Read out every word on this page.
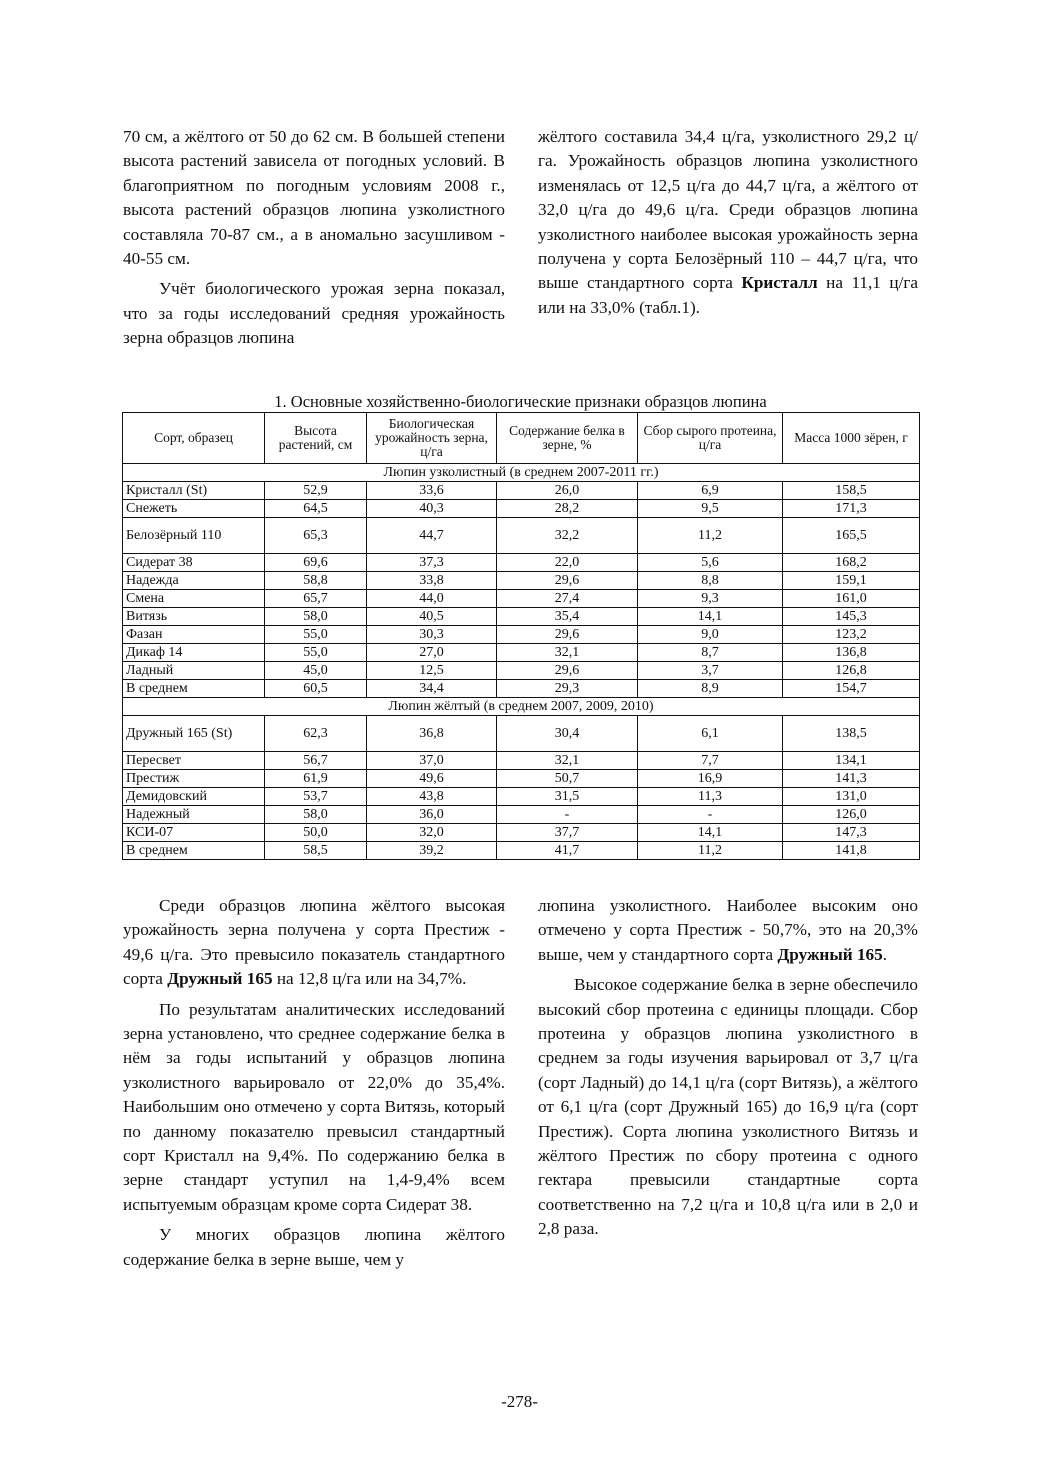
70 см, а жёлтого от 50 до 62 см. В большей степени высота растений зависела от погодных условий. В благоприятном по погодным условиям 2008 г., высота растений образцов люпина узколистного составляла 70-87 см., а в аномально засушливом - 40-55 см.

Учёт биологического урожая зерна показал, что за годы исследований средняя урожайность зерна образцов люпина

жёлтого составила 34,4 ц/га, узколистного 29,2 ц/га. Урожайность образцов люпина узколистного изменялась от 12,5 ц/га до 44,7 ц/га, а жёлтого от 32,0 ц/га до 49,6 ц/га. Среди образцов люпина узколистного наиболее высокая урожайность зерна получена у сорта Белозёрный 110 – 44,7 ц/га, что выше стандартного сорта Кристалл на 11,1 ц/га или на 33,0% (табл.1).

1. Основные хозяйственно-биологические признаки образцов люпина
Сорт, образец	Высота растений, см	Биологическая урожайность зерна, ц/га	Содержание белка в зерне, %	Сбор сырого протеина, ц/га	Масса 1000 зёрен, г
Люпин узколистный (в среднем 2007-2011 гг.)					
Кристалл (St)	52,9	33,6	26,0	6,9	158,5
Снежеть	64,5	40,3	28,2	9,5	171,3
Белозёрный 110	65,3	44,7	32,2	11,2	165,5
Сидерат 38	69,6	37,3	22,0	5,6	168,2
Надежда	58,8	33,8	29,6	8,8	159,1
Смена	65,7	44,0	27,4	9,3	161,0
Витязь	58,0	40,5	35,4	14,1	145,3
Фазан	55,0	30,3	29,6	9,0	123,2
Дикаф 14	55,0	27,0	32,1	8,7	136,8
Ладный	45,0	12,5	29,6	3,7	126,8
В среднем	60,5	34,4	29,3	8,9	154,7
Люпин жёлтый (в среднем 2007, 2009, 2010)					
Дружный 165 (St)	62,3	36,8	30,4	6,1	138,5
Пересвет	56,7	37,0	32,1	7,7	134,1
Престиж	61,9	49,6	50,7	16,9	141,3
Демидовский	53,7	43,8	31,5	11,3	131,0
Надежный	58,0	36,0	-	-	126,0
КСИ-07	50,0	32,0	37,7	14,1	147,3
В среднем	58,5	39,2	41,7	11,2	141,8

Среди образцов люпина жёлтого высокая урожайность зерна получена у сорта Престиж - 49,6 ц/га. Это превысило показатель стандартного сорта Дружный 165 на 12,8 ц/га или на 34,7%.

По результатам аналитических исследований зерна установлено, что среднее содержание белка в нём за годы испытаний у образцов люпина узколистного варьировало от 22,0% до 35,4%. Наибольшим оно отмечено у сорта Витязь, который по данному показателю превысил стандартный сорт Кристалл на 9,4%. По содержанию белка в зерне стандарт уступил на 1,4-9,4% всем испытуемым образцам кроме сорта Сидерат 38.

У многих образцов люпина жёлтого содержание белка в зерне выше, чем у

люпина узколистного. Наиболее высоким оно отмечено у сорта Престиж - 50,7%, это на 20,3% выше, чем у стандартного сорта Дружный 165.

Высокое содержание белка в зерне обеспечило высокий сбор протеина с единицы площади. Сбор протеина у образцов люпина узколистного в среднем за годы изучения варьировал от 3,7 ц/га (сорт Ладный) до 14,1 ц/га (сорт Витязь), а жёлтого от 6,1 ц/га (сорт Дружный 165) до 16,9 ц/га (сорт Престиж). Сорта люпина узколистного Витязь и жёлтого Престиж по сбору протеина с одного гектара превысили стандартные сорта соответственно на 7,2 ц/га и 10,8 ц/га или в 2,0 и 2,8 раза.

-278-
